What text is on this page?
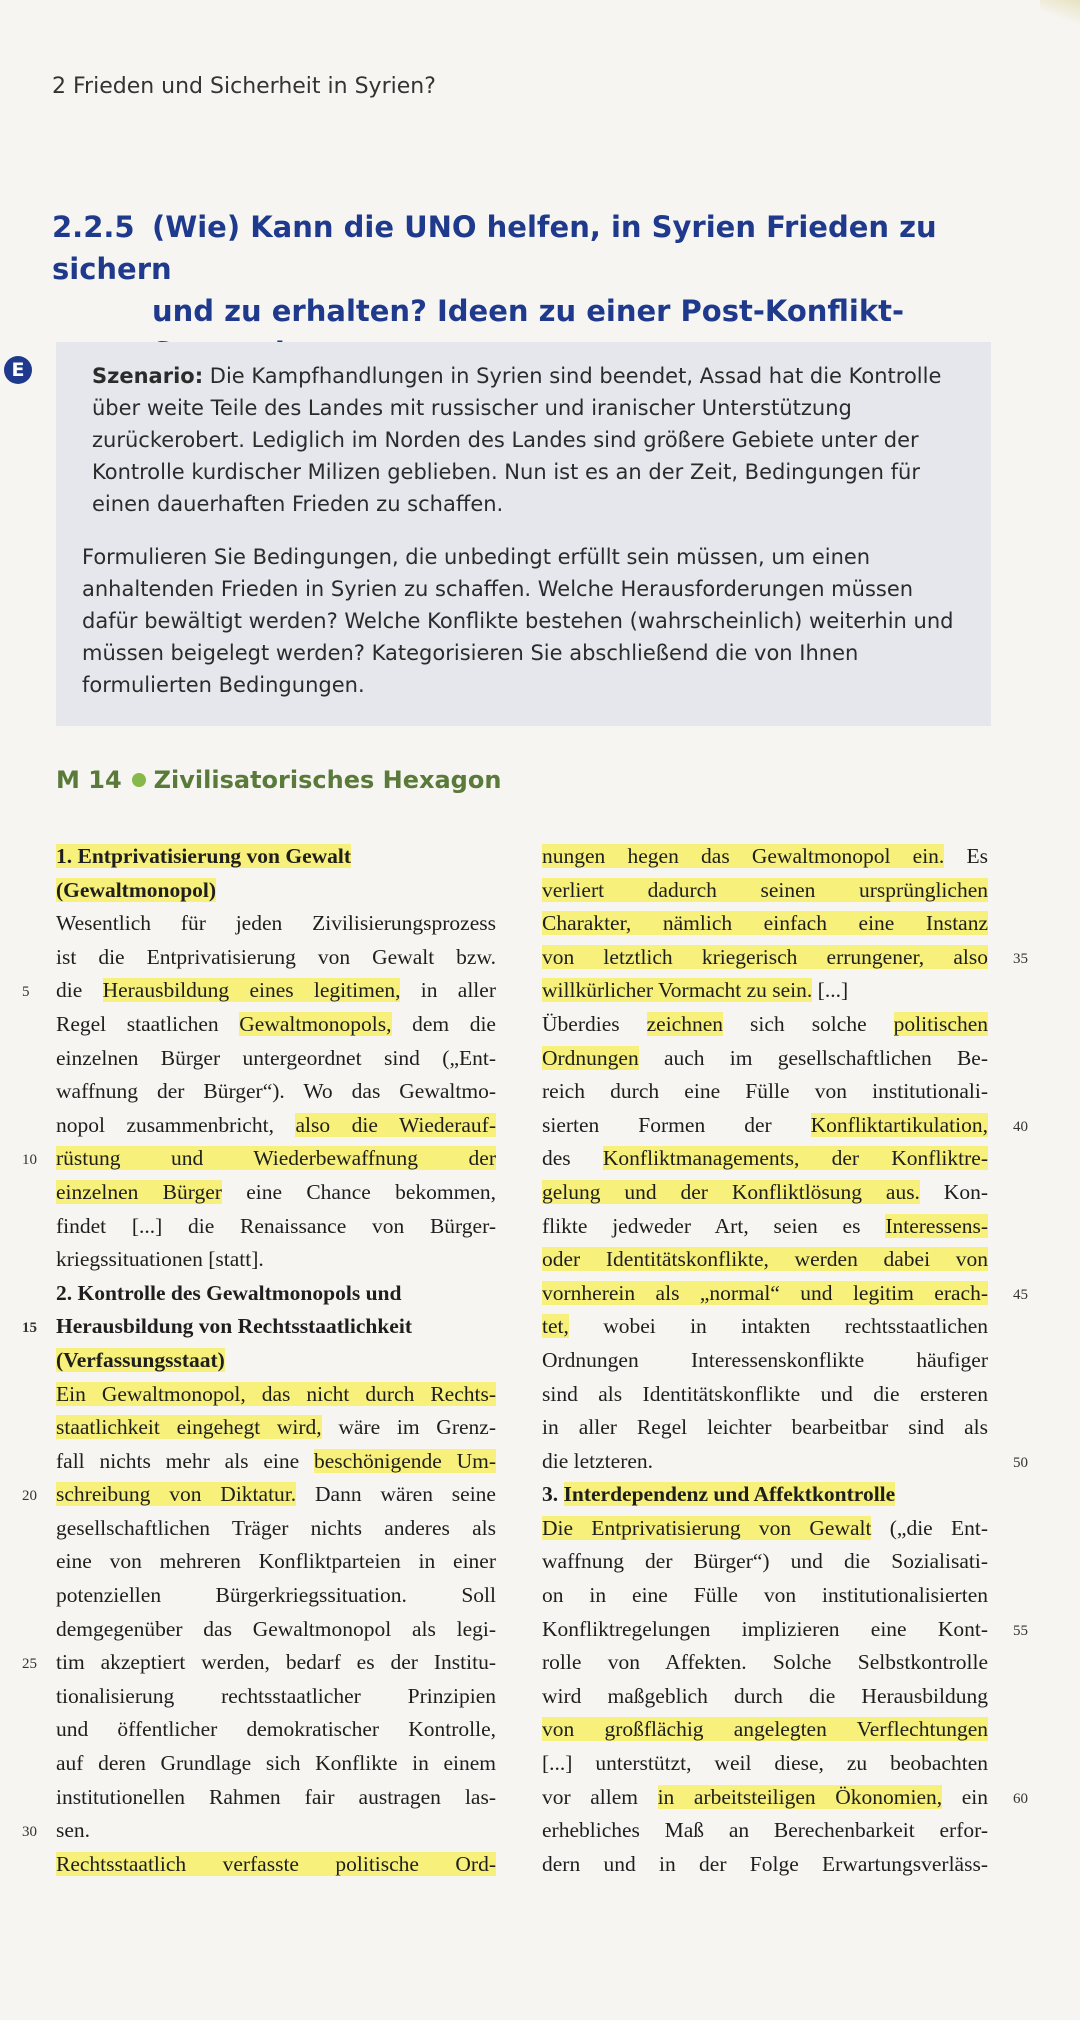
2 Frieden und Sicherheit in Syrien?
2.2.5 (Wie) Kann die UNO helfen, in Syrien Frieden zu sichern
und zu erhalten? Ideen zu einer Post-Konflikt-
E	Szenario: Die Kampfhandlungen in Syrien sind beendet, Assad hat die Kontrolle über weite Teile des Landes mit russischer und iranischer Unterstützung zurückerobert. Lediglich im Norden des Landes sind größere Gebiete unter der Kontrolle kurdischer Milizen geblieben. Nun ist es an der Zeit, Bedingungen für einen dauerhaften Frieden zu schaffen.
Formulieren Sie Bedingungen, die unbedingt erfüllt sein müssen, um einen anhaltenden Frieden in Syrien zu schaffen. Welche Herausforderungen müssen dafür bewältigt werden? Welche Konflikte bestehen (wahrscheinlich) weiterhin und müssen beigelegt werden? Kategorisieren Sie abschließend die von Ihnen formulierten Bedingungen.
M 14 Zivilisatorisches Hexagon
1. Entprivatisierung von Gewalt
(Gewaltmonopol)
Wesentlich für jeden Zivilisierungsprozess
ist die Entprivatisierung von Gewalt bzw.
die Herausbildung eines legitimen, in aller
5
Regel staatlichen Gewaltmonopols, dem die
einzelnen Bürger untergeordnet sind („Ent-
waffnung der Bürger“). Wo das Gewaltmo-
nopol zusammenbricht, also die Wiederauf-
rüstung und Wiederbewaffnung der
10
einzelnen Bürger eine Chance bekommen,
findet [...] die Renaissance von Bürger-
kriegssituationen [statt].
2. Kontrolle des Gewaltmonopols und
Herausbildung von Rechtsstaatlichkeit
15
(Verfassungsstaat)
Ein Gewaltmonopol, das nicht durch Rechts-
staatlichkeit eingehegt wird, wäre im Grenz-
fall nichts mehr als eine beschönigende Um-
schreibung von Diktatur. Dann wären seine
20
gesellschaftlichen Träger nichts anderes als
eine von mehreren Konfliktparteien in einer
potenziellen Bürgerkriegssituation. Soll
demgegenüber das Gewaltmonopol als legi-
tim akzeptiert werden, bedarf es der Institu-
25
tionalisierung rechtsstaatlicher Prinzipien
und öffentlicher demokratischer Kontrolle,
auf deren Grundlage sich Konflikte in einem
institutionellen Rahmen fair austragen las-
sen.
30
Rechtsstaatlich verfasste politische Ord-
nungen hegen das Gewaltmonopol ein. Es
verliert dadurch seinen ursprünglichen
Charakter, nämlich einfach eine Instanz
von letztlich kriegerisch errungener, also 35
willkürlicher Vormacht zu sein. [...]
Überdies zeichnen sich solche politischen
Ordnungen auch im gesellschaftlichen Be-
reich durch eine Fülle von institutionali-
sierten Formen der Konfliktartikulation, 40
des Konfliktmanagements, der Konfliktre-
gelung und der Konfliktlösung aus. Kon-
flikte jedweder Art, seien es Interessens-
oder Identitätskonflikte, werden dabei von
vornherein als „normal“ und legitim erach- 45
tet, wobei in intakten rechtsstaatlichen
Ordnungen Interessenskonflikte häufiger
sind als Identitätskonflikte und die ersteren
in aller Regel leichter bearbeitbar sind als
die letzteren.	50
3. Interdependenz und Affektkontrolle
Die Entprivatisierung von Gewalt („die Ent-
waffnung der Bürger“) und die Sozialisati-
on in eine Fülle von institutionalisierten
Konfliktregelungen implizieren eine Kont- 55
rolle von Affekten. Solche Selbstkontrolle
wird maßgeblich durch die Herausbildung
von großflächig angelegten Verflechtungen
[...] unterstützt, weil diese, zu beobachten
vor allem in arbeitsteiligen Ökonomien, ein 60
erhebliches Maß an Berechenbarkeit erfor-
dern und in der Folge Erwartungsverläss-
